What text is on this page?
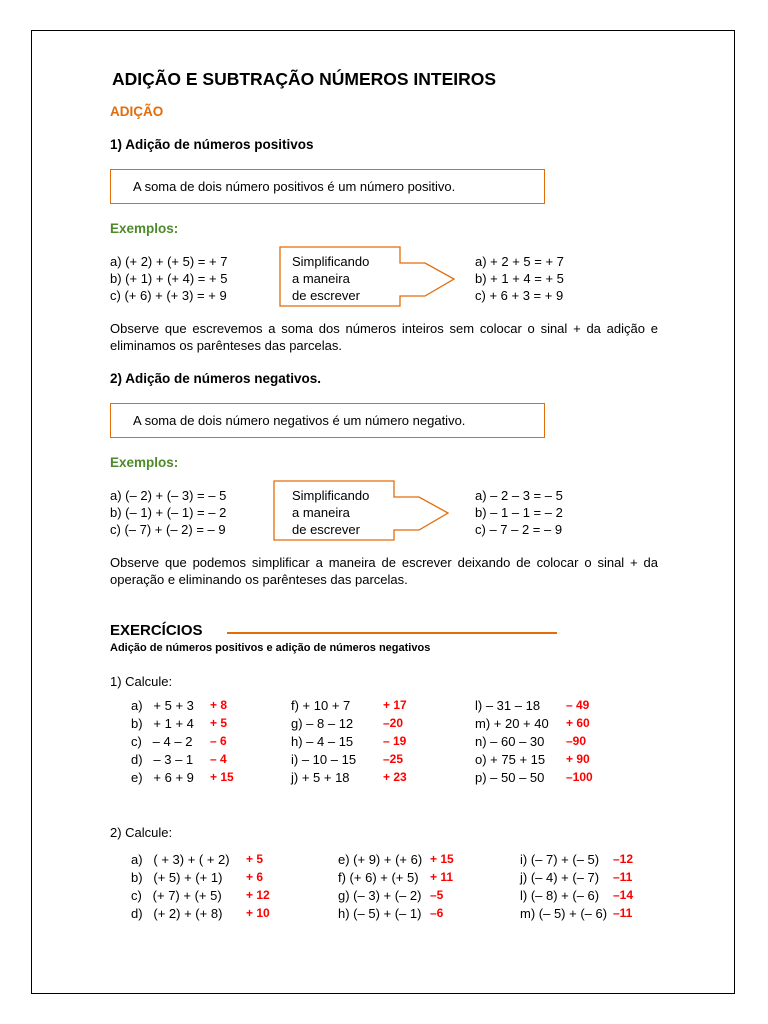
ADIÇÃO E SUBTRAÇÃO NÚMEROS INTEIROS
ADIÇÃO
1) Adição de números positivos
A soma de dois número positivos é um número positivo.
Exemplos:
a) (+ 2) + (+ 5) = + 7
b) (+ 1) + (+ 4) = + 5
c) (+ 6) + (+ 3) = + 9
Simplificando
a maneira
de escrever
a) + 2 + 5 = + 7
b) + 1 + 4 = + 5
c) + 6 + 3 = + 9
Observe que escrevemos a soma dos números inteiros sem colocar o sinal + da adição e eliminamos os parênteses das parcelas.
2) Adição de números negativos.
A soma de dois número negativos é um número negativo.
Exemplos:
a) (– 2) + (– 3) = – 5
b) (– 1) + (– 1) = – 2
c) (– 7) + (– 2) = – 9
Simplificando
a maneira
de escrever
a) – 2 – 3 = – 5
b) – 1 – 1 = – 2
c) – 7 – 2 = – 9
Observe que podemos simplificar a maneira de escrever deixando de colocar o sinal + da operação e eliminando os parênteses das parcelas.
EXERCÍCIOS
Adição de números positivos e adição de números negativos
1) Calcule:
a)   + 5 + 3 + 8
b)   + 1 + 4 + 5
c)   – 4 – 2 – 6
d)   – 3 – 1 – 4
e)   + 6 + 9 + 15
f) + 10 + 7	+ 17
g) – 8 – 12 –20
h) – 4 – 15 – 19
i) – 10 – 15 –25
j) + 5 + 18	+ 23
l) – 31 – 18 – 49
m) + 20 + 40 + 60
n) – 60 – 30 –90
o) + 75 + 15 + 90
p) – 50 – 50 –100
2) Calcule:
a)   ( + 3) + ( + 2) + 5
b)   (+ 5) + (+ 1) + 6
c)   (+ 7) + (+ 5) + 12
d)   (+ 2) + (+ 8) + 10
e) (+ 9) + (+ 6) + 15
f) (+ 6) + (+ 5) + 11
g) (– 3) + (– 2) –5
h) (– 5) + (– 1) –6
i) (– 7) + (– 5) –12
j) (– 4) + (– 7) –11
l) (– 8) + (– 6) –14
m) (– 5) + (– 6) –11
